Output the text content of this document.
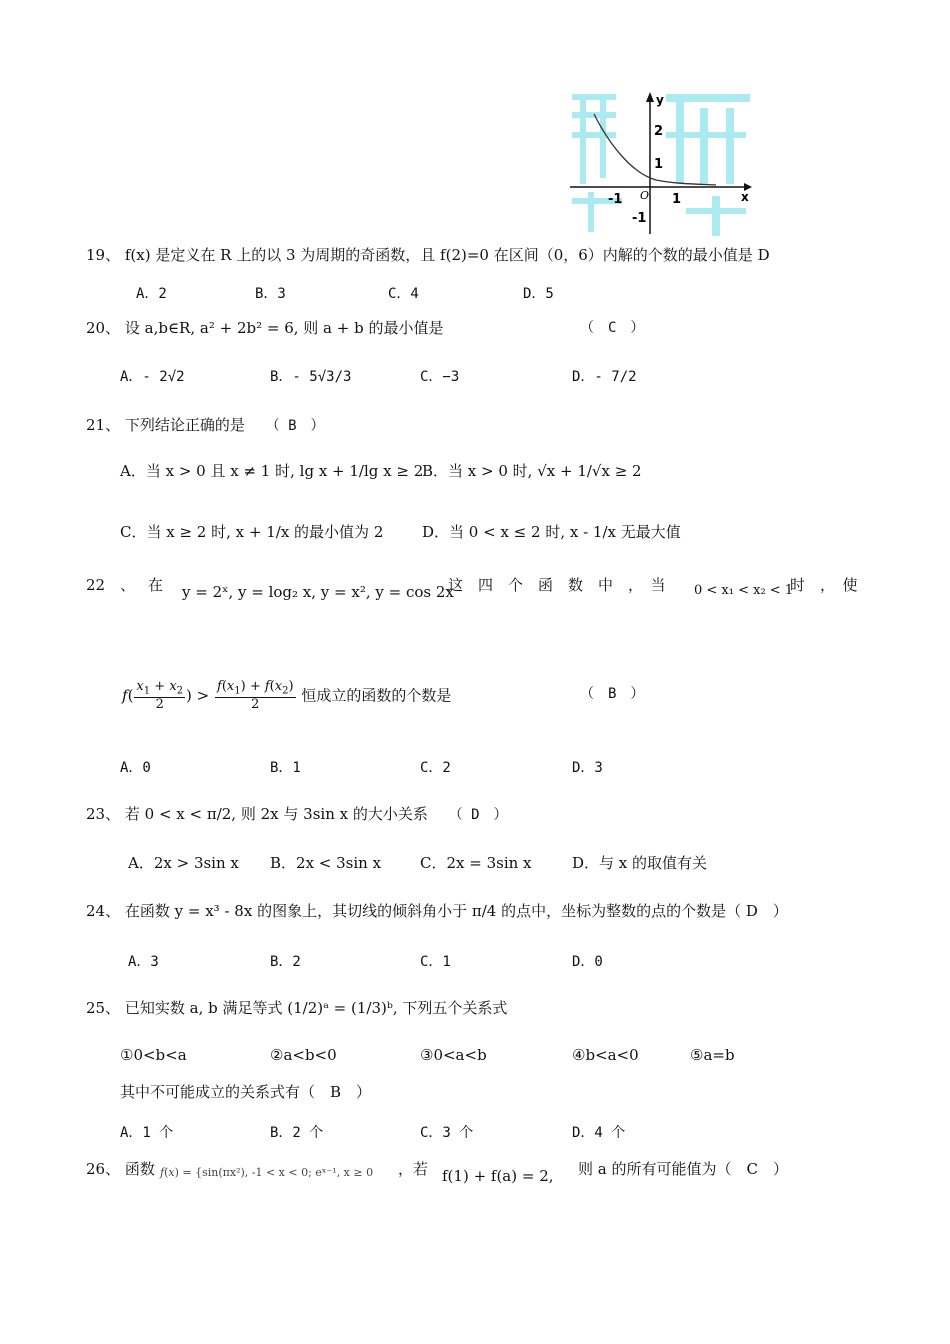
y
x
O
2
1
-1
-1	1
19、 f(x) 是定义在 R 上的以 3 为周期的奇函数，且 f(2)=0 在区间（0，6）内解的个数的最小值是 D
A．2	B．3	C．4	D．5
20、 设 a,b∈R, a² + 2b² = 6, 则 a + b 的最小值是	（　C　）
A．- 2√2	B．- 5√3/3	C．−3	D．- 7/2
21、 下列结论正确的是 （ B　）
A．当 x > 0 且 x ≠ 1 时, lg x + 1/lg x ≥ 2
B．当 x > 0 时, √x + 1/√x ≥ 2
C．当 x ≥ 2 时, x + 1/x 的最小值为 2	D．当 0 < x ≤ 2 时, x - 1/x 无最大值
22　、 在 y = 2ˣ, y = log₂ x, y = x², y = cos 2x
这　四　个　函　数　中　，　当 0 < x₁ < x₂ < 1
时　，　使
$f( \frac{x_1 + x_2}{2}$ ) > $\frac{f(x_1) + f(x_2)}{2}$ 恒成立的函数的个数是	（　B　）
A．0	B．1	C．2	D．3
23、 若 0 < x < π/2, 则 2x 与 3sin x 的大小关系 （ D　）
A．2x > 3sin x B．2x < 3sin x	C．2x = 3sin x	D．与 x 的取值有关
24、 在函数 y = x³ - 8x 的图象上，其切线的倾斜角小于 π/4 的点中，坐标为整数的点的个数是（ D　）
A．3	B．2	C．1	D．0
25、 已知实数 a, b 满足等式 (1/2)ᵃ = (1/3)ᵇ, 下列五个关系式
①0<b<a	②a<b<0	③0<a<b	④b<a<0	⑤a=b
其中不可能成立的关系式有（　B　）
A．1 个	B．2 个	C．3 个	D．4 个
26、 函数 f(x) = {sin(πx²), -1 < x < 0; eˣ⁻¹, x ≥ 0 ，若 f(1) + f(a) = 2, 则 a 的所有可能值为（　C　）
